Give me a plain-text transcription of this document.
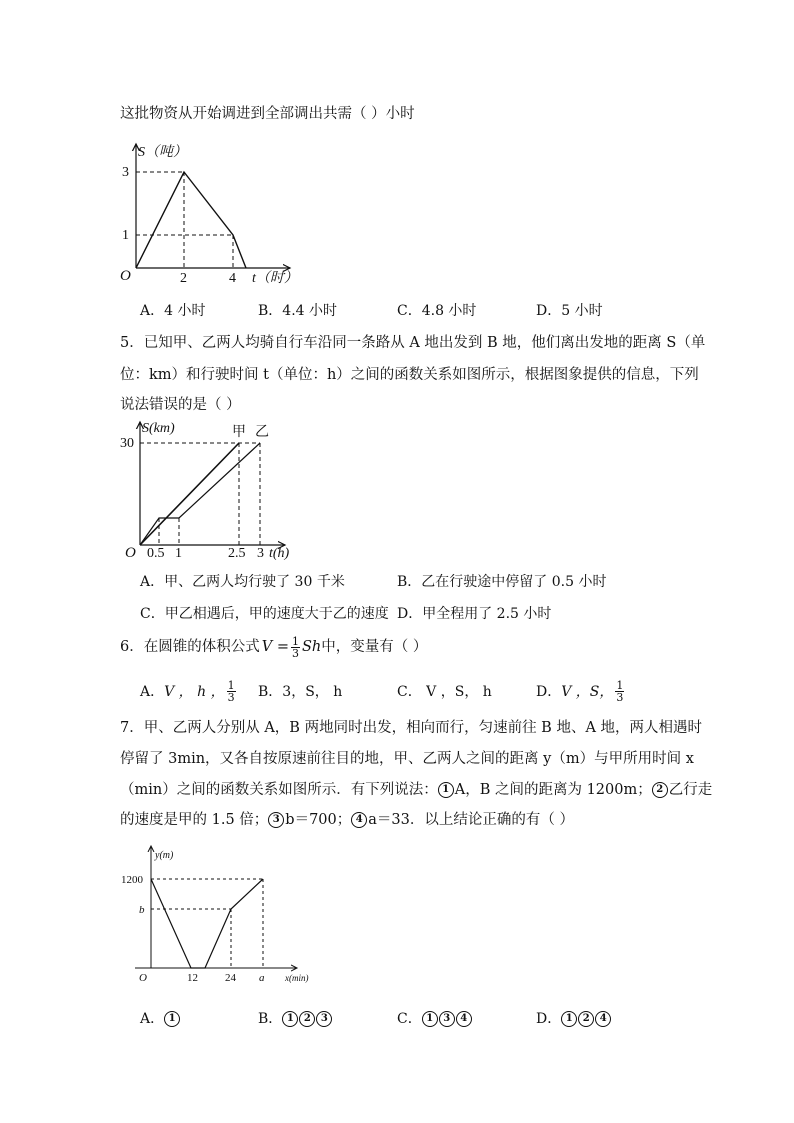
这批物资从开始调进到全部调出共需（ ）小时
S（吨）
O
3
1
2	4 t（时）
A．4 小时	B．4.4 小时	C．4.8 小时	D．5 小时
5．已知甲、乙两人均骑自行车沿同一条路从 A 地出发到 B 地，他们离出发地的距离 S（单
位：km）和行驶时间 t（单位：h）之间的函数关系如图所示，根据图象提供的信息，下列
说法错误的是（ ）
S(km)
30
O 0.5 1	2.5 3 t(h)
甲 乙
A．甲、乙两人均行驶了 30 千米	B．乙在行驶途中停留了 0.5 小时
C．甲乙相遇后，甲的速度大于乙的速度 D．甲全程用了 2.5 小时
6．在圆锥的体积公式 $V = \frac{1}{3}$ Sh 中，变量有（ ）
A． V ， h ， $\frac{1}{3}$ B．3，S， h	C． V ，S， h	D． V ，S， $\frac{1}{3}$
7．甲、乙两人分别从 A，B 两地同时出发，相向而行，匀速前往 B 地、A 地，两人相遇时
停留了 3min，又各自按原速前往目的地，甲、乙两人之间的距离 y（m）与甲所用时间 x
（min）之间的函数关系如图所示．有下列说法： 1 A，B 之间的距离为 1200m； 2 乙行走
的速度是甲的 1.5 倍； 3 b＝700； 4 a＝33．以上结论正确的有（ ）
y(m)
1200
b
O	12 24 a x(min)
A． 1	B． 1 2 3	C． 1 3 4	D． 1 2 4
